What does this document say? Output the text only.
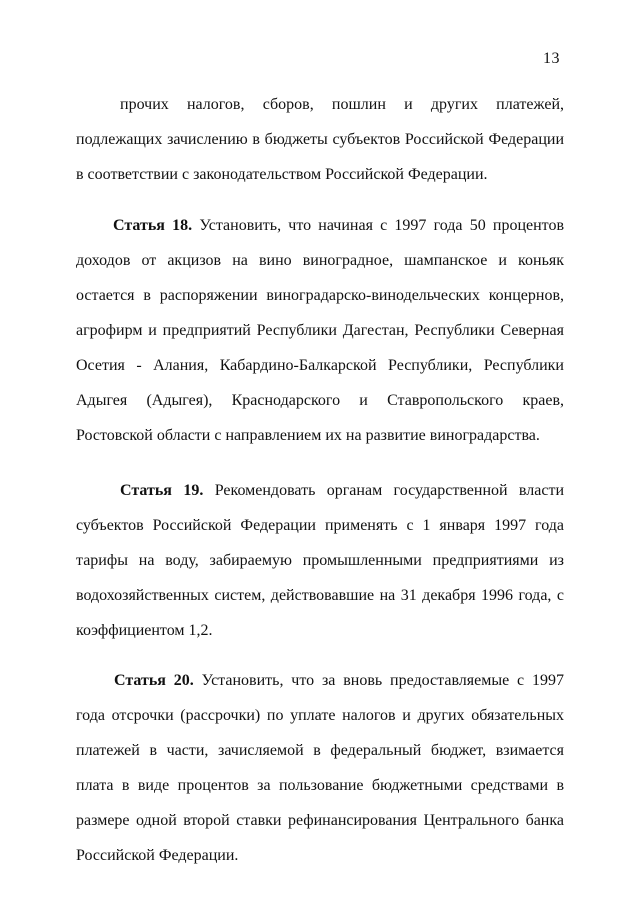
13

прочих налогов, сборов, пошлин и других платежей, подлежащих зачислению в бюджеты субъектов Российской Федерации в соответствии с законодательством Российской Федерации.

Статья 18. Установить, что начиная с 1997 года 50 процентов доходов от акцизов на вино виноградное, шампанское и коньяк остается в распоряжении виноградарско-винодельческих концернов, агрофирм и предприятий Республики Дагестан, Республики Северная Осетия - Алания, Кабардино-Балкарской Республики, Республики Адыгея (Адыгея), Краснодарского и Ставропольского краев, Ростовской области с направлением их на развитие виноградарства.

Статья 19. Рекомендовать органам государственной власти субъектов Российской Федерации применять с 1 января 1997 года тарифы на воду, забираемую промышленными предприятиями из водохозяйственных систем, действовавшие на 31 декабря 1996 года, с коэффициентом 1,2.

Статья 20. Установить, что за вновь предоставляемые с 1997 года отсрочки (рассрочки) по уплате налогов и других обязательных платежей в части, зачисляемой в федеральный бюджет, взимается плата в виде процентов за пользование бюджетными средствами в размере одной второй ставки рефинансирования Центрального банка Российской Федерации.
